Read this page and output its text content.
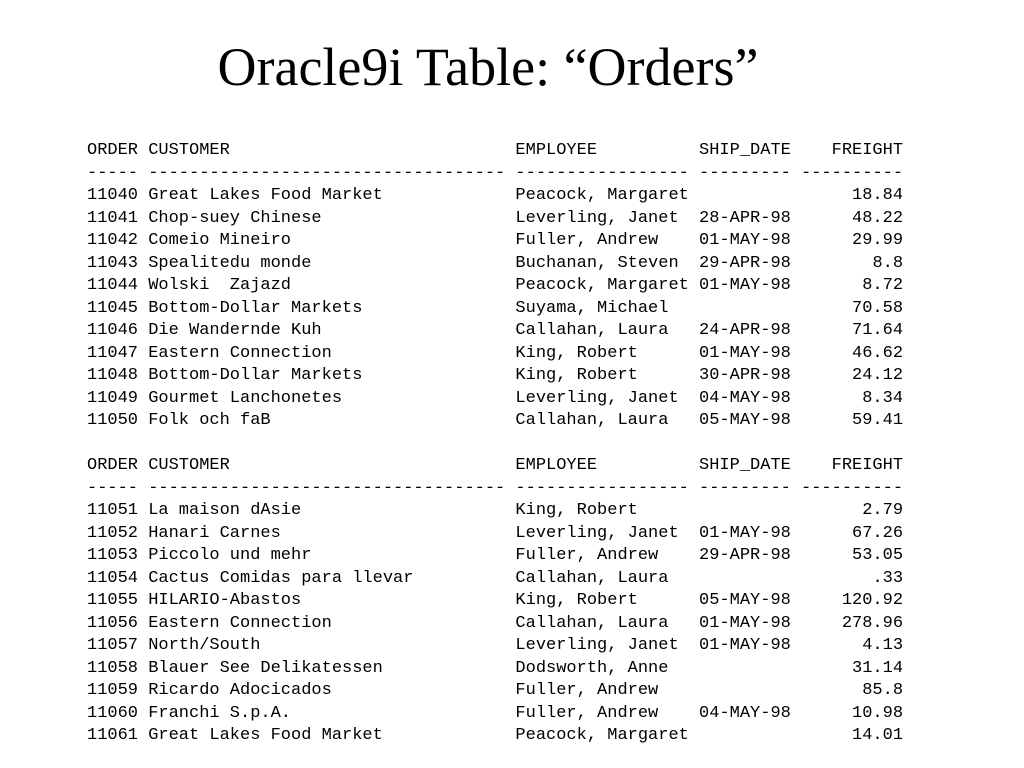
Oracle9i Table: “Orders”
ORDER CUSTOMER	EMPLOYEE	SHIP_DATE FREIGHT
----- ----------------------------------- ----------------- --------- ----------
11040 Great Lakes Food Market	Peacock, Margaret	18.84
11041 Chop-suey Chinese	Leverling, Janet 28-APR-98	48.22
11042 Comeio Mineiro	Fuller, Andrew 01-MAY-98	29.99
11043 Spealitedu monde	Buchanan, Steven 29-APR-98	8.8
11044 Wolski  Zajazd	Peacock, Margaret 01-MAY-98	8.72
11045 Bottom-Dollar Markets	Suyama, Michael	70.58
11046 Die Wandernde Kuh	Callahan, Laura 24-APR-98	71.64
11047 Eastern Connection	King, Robert	01-MAY-98	46.62
11048 Bottom-Dollar Markets	King, Robert	30-APR-98	24.12
11049 Gourmet Lanchonetes	Leverling, Janet 04-MAY-98	8.34
11050 Folk och faB	Callahan, Laura 05-MAY-98	59.41
ORDER CUSTOMER	EMPLOYEE	SHIP_DATE FREIGHT
----- ----------------------------------- ----------------- --------- ----------
11051 La maison dAsie	King, Robert	2.79
11052 Hanari Carnes	Leverling, Janet 01-MAY-98	67.26
11053 Piccolo und mehr	Fuller, Andrew 29-APR-98	53.05
11054 Cactus Comidas para llevar	Callahan, Laura	.33
11055 HILARIO-Abastos	King, Robert	05-MAY-98	120.92
11056 Eastern Connection	Callahan, Laura 01-MAY-98	278.96
11057 North/South	Leverling, Janet 01-MAY-98	4.13
11058 Blauer See Delikatessen	Dodsworth, Anne	31.14
11059 Ricardo Adocicados	Fuller, Andrew	85.8
11060 Franchi S.p.A.	Fuller, Andrew 04-MAY-98	10.98
11061 Great Lakes Food Market	Peacock, Margaret	14.01
